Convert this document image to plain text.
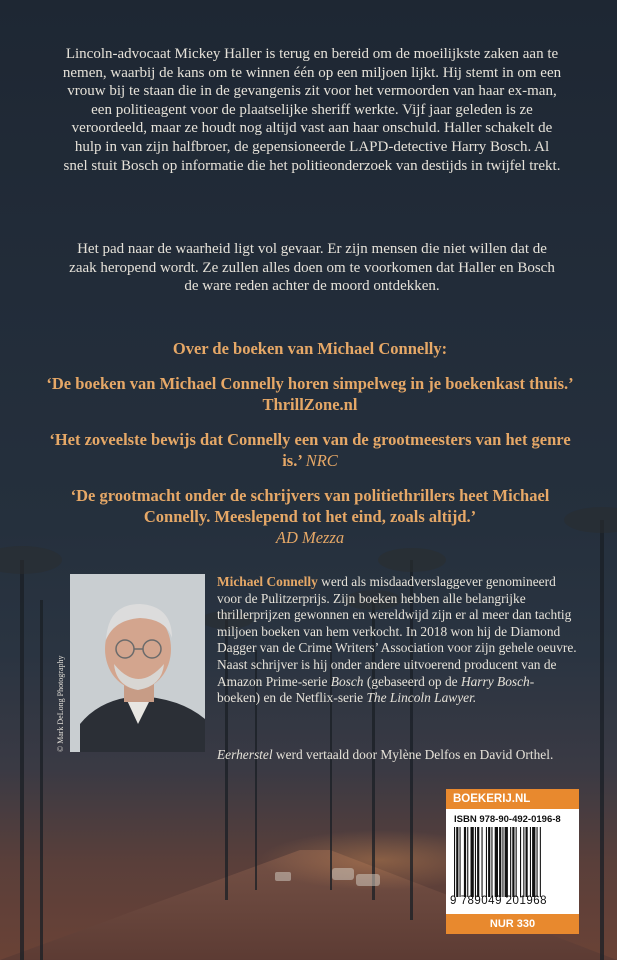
Lincoln-advocaat Mickey Haller is terug en bereid om de moeilijkste zaken aan te nemen, waarbij de kans om te winnen één op een miljoen lijkt. Hij stemt in om een vrouw bij te staan die in de gevangenis zit voor het vermoorden van haar ex-man, een politieagent voor de plaatselijke sheriff werkte. Vijf jaar geleden is ze veroordeeld, maar ze houdt nog altijd vast aan haar onschuld. Haller schakelt de hulp in van zijn halfbroer, de gepensioneerde LAPD-detective Harry Bosch. Al snel stuit Bosch op informatie die het politieonderzoek van destijds in twijfel trekt.

Het pad naar de waarheid ligt vol gevaar. Er zijn mensen die niet willen dat de zaak heropend wordt. Ze zullen alles doen om te voorkomen dat Haller en Bosch de ware reden achter de moord ontdekken.

Over de boeken van Michael Connelly:

‘De boeken van Michael Connelly horen simpelweg in je boekenkast thuis.’ ThrillZone.nl

‘Het zoveelste bewijs dat Connelly een van de grootmeesters van het genre is.’ NRC

‘De grootmacht onder de schrijvers van politiethrillers heet Michael Connelly. Meeslepend tot het eind, zoals altijd.’
AD Mezza

© Mark DeLong Photography

Michael Connelly werd als misdaadverslaggever genomineerd voor de Pulitzerprijs. Zijn boeken hebben alle belangrijke thrillerprijzen gewonnen en wereldwijd zijn er al meer dan tachtig miljoen boeken van hem verkocht. In 2018 won hij de Diamond Dagger van de Crime Writers’ Association voor zijn gehele oeuvre. Naast schrijver is hij onder andere uitvoerend producent van de Amazon Prime-serie Bosch (gebaseerd op de Harry Bosch-boeken) en de Netflix-serie The Lincoln Lawyer.

Eerherstel werd vertaald door Mylène Delfos en David Orthel.

BOEKERIJ.NL
ISBN 978-90-492-0196-8
9 789049 201968
NUR 330
